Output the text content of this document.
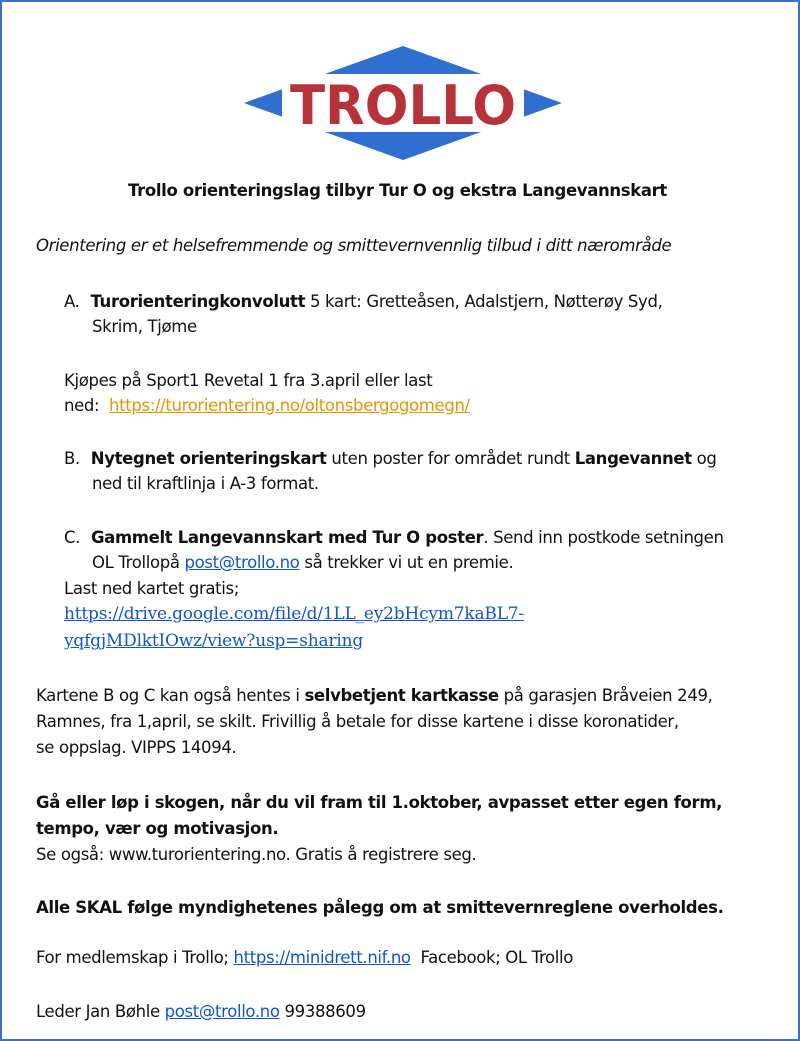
TROLLO
Trollo orienteringslag tilbyr Tur O og ekstra Langevannskart
Orientering er et helsefremmende og smittevernvennlig tilbud i ditt nærområde
A. Turorienteringkonvolutt 5 kart: Gretteåsen, Adalstjern, Nøtterøy Syd,
Skrim, Tjøme
Kjøpes på Sport1 Revetal 1 fra 3.april eller last
ned:  https://turorientering.no/oltonsbergogomegn/
B. Nytegnet orienteringskart uten poster for området rundt Langevannet og
ned til kraftlinja i A-3 format.
C. Gammelt Langevannskart med Tur O poster. Send inn postkode setningen
OL Trollopå post@trollo.no så trekker vi ut en premie.
Last ned kartet gratis;
https://drive.google.com/file/d/1LL_ey2bHcym7kaBL7-
yqfgjMDlktIOwz/view?usp=sharing
Kartene B og C kan også hentes i selvbetjent kartkasse på garasjen Bråveien 249,
Ramnes, fra 1,april, se skilt. Frivillig å betale for disse kartene i disse koronatider,
se oppslag. VIPPS 14094.
Gå eller løp i skogen, når du vil fram til 1.oktober, avpasset etter egen form,
tempo, vær og motivasjon.
Se også: www.turorientering.no. Gratis å registrere seg.
Alle SKAL følge myndighetenes pålegg om at smittevernreglene overholdes.
For medlemskap i Trollo; https://minidrett.nif.no  Facebook; OL Trollo
Leder Jan Bøhle post@trollo.no 99388609
